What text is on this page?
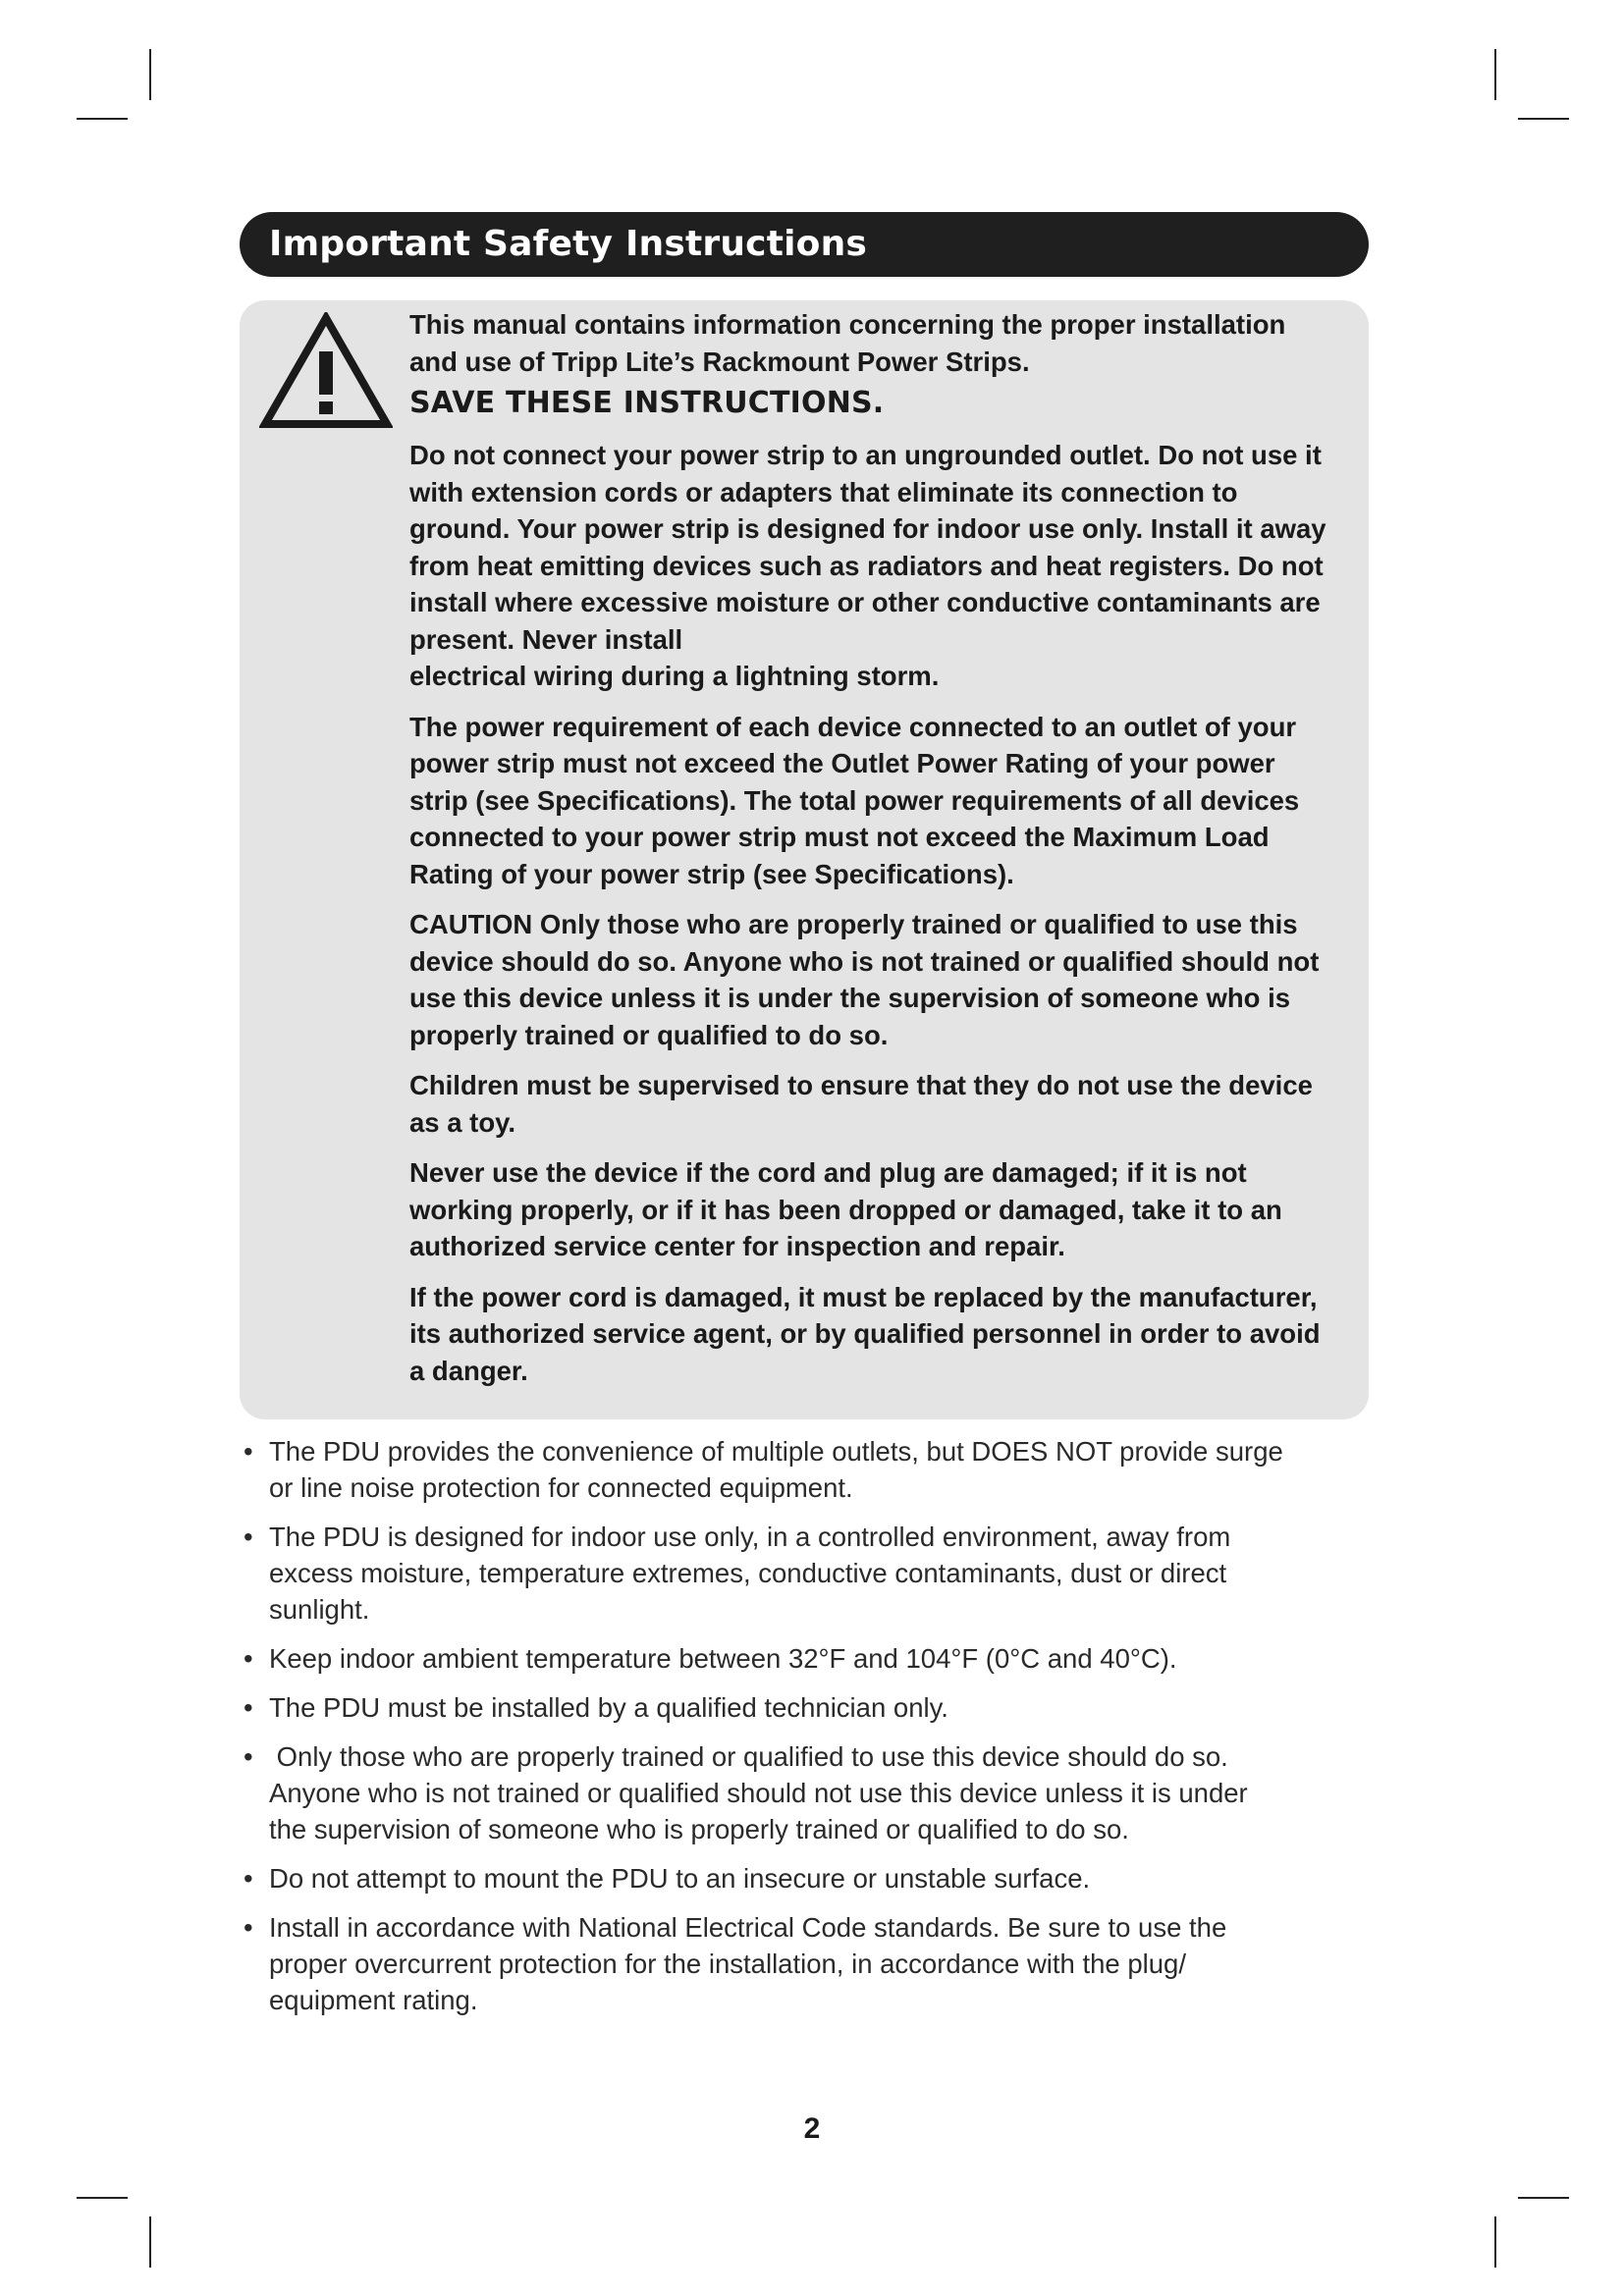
Important Safety Instructions

This manual contains information concerning the proper installation
and use of Tripp Lite’s Rackmount Power Strips.

SAVE THESE INSTRUCTIONS.

Do not connect your power strip to an ungrounded outlet. Do not use it
with extension cords or adapters that eliminate its connection to
ground. Your power strip is designed for indoor use only. Install it away
from heat emitting devices such as radiators and heat registers. Do not
install where excessive moisture or other conductive contaminants are
present. Never install
electrical wiring during a lightning storm.

The power requirement of each device connected to an outlet of your
power strip must not exceed the Outlet Power Rating of your power
strip (see Specifications). The total power requirements of all devices
connected to your power strip must not exceed the Maximum Load
Rating of your power strip (see Specifications).

CAUTION Only those who are properly trained or qualified to use this
device should do so. Anyone who is not trained or qualified should not
use this device unless it is under the supervision of someone who is
properly trained or qualified to do so.

Children must be supervised to ensure that they do not use the device
as a toy.

Never use the device if the cord and plug are damaged; if it is not
working properly, or if it has been dropped or damaged, take it to an
authorized service center for inspection and repair.

If the power cord is damaged, it must be replaced by the manufacturer,
its authorized service agent, or by qualified personnel in order to avoid
a danger.

• The PDU provides the convenience of multiple outlets, but DOES NOT provide surge
or line noise protection for connected equipment.
• The PDU is designed for indoor use only, in a controlled environment, away from
excess moisture, temperature extremes, conductive contaminants, dust or direct
sunlight.
• Keep indoor ambient temperature between 32°F and 104°F (0°C and 40°C).
• The PDU must be installed by a qualified technician only.
• Only those who are properly trained or qualified to use this device should do so.
Anyone who is not trained or qualified should not use this device unless it is under
the supervision of someone who is properly trained or qualified to do so.
• Do not attempt to mount the PDU to an insecure or unstable surface.
• Install in accordance with National Electrical Code standards. Be sure to use the
proper overcurrent protection for the installation, in accordance with the plug/
equipment rating.
2
